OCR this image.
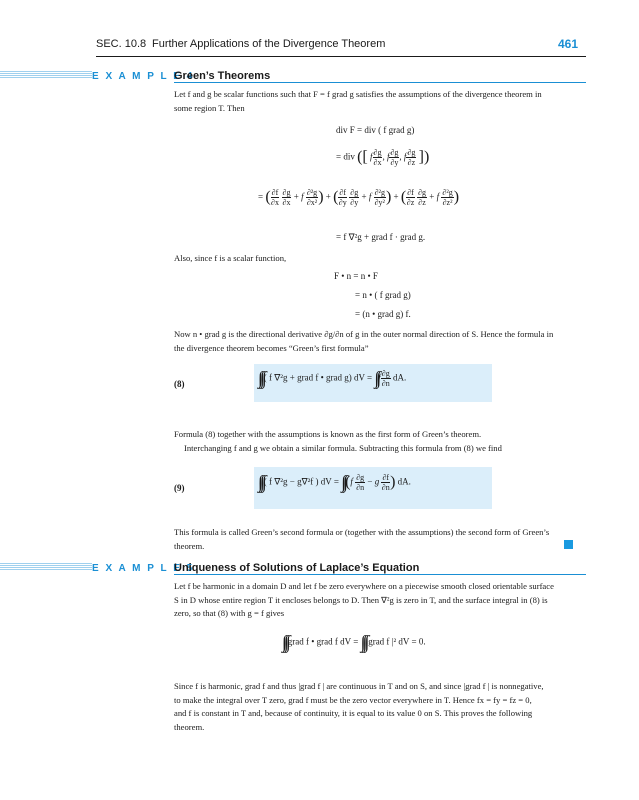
SEC. 10.8 Further Applications of the Divergence Theorem	461
E X A M P L E 4
Green’s Theorems
Let f and g be scalar functions such that F = f grad g satisfies the assumptions of the divergence theorem in
some region T. Then
div F = div ( f grad g)
= div ([ f $\frac{\partial g}{\partial x}$ , f $\frac{\partial g}{\partial y}$ , f $\frac{\partial g}{\partial z}$ ])
= ( $\frac{\partial f}{\partial x}$
$\frac{\partial g}{\partial x} + f \frac{\text{∂²g}}{\text{∂x²}}$ ) + ( $\frac{\partial f}{\partial y}$
$\frac{\partial g}{\partial y} + f \frac{\text{∂²g}}{\text{∂y²}}$ ) + ( $\frac{\partial f}{\partial z}$
$\frac{\partial g}{\partial z} + f \frac{\text{∂²g}}{\text{∂z²}}$ )
= f ∇²g + grad f · grad g.
Also, since f is a scalar function,
F • n = n • F
= n • ( f grad g)
= (n • grad g) f.
Now n • grad g is the directional derivative ∂g/∂n of g in the outer normal direction of S. Hence the formula in
the divergence theorem becomes “Green’s first formula”
(8)	∫∫∫( f ∇²g + grad f • grad g) dV = $\int\int f \frac{\partial g}{\partial n}$ dA.
Formula (8) together with the assumptions is known as the first form of Green’s theorem.
Interchanging f and g we obtain a similar formula. Subtracting this formula from (8) we find
(9)	∫∫∫( f ∇²g − g∇²f ) dV = $\int\int(f \frac{\partial g}{\partial n} - g \frac{\partial f}{\partial n}$ ) dA.
This formula is called Green’s second formula or (together with the assumptions) the second form of Green’s
theorem.
E X A M P L E 5
Uniqueness of Solutions of Laplace’s Equation
Let f be harmonic in a domain D and let f be zero everywhere on a piecewise smooth closed orientable surface
S in D whose entire region T it encloses belongs to D. Then ∇²g is zero in T, and the surface integral in (8) is
zero, so that (8) with g = f gives
∫∫∫grad f • grad f dV = ∫∫∫|grad f |² dV = 0.
Since f is harmonic, grad f and thus |grad f | are continuous in T and on S, and since |grad f | is nonnegative,
to make the integral over T zero, grad f must be the zero vector everywhere in T. Hence fx = fy = fz = 0,
and f is constant in T and, because of continuity, it is equal to its value 0 on S. This proves the following
theorem.
